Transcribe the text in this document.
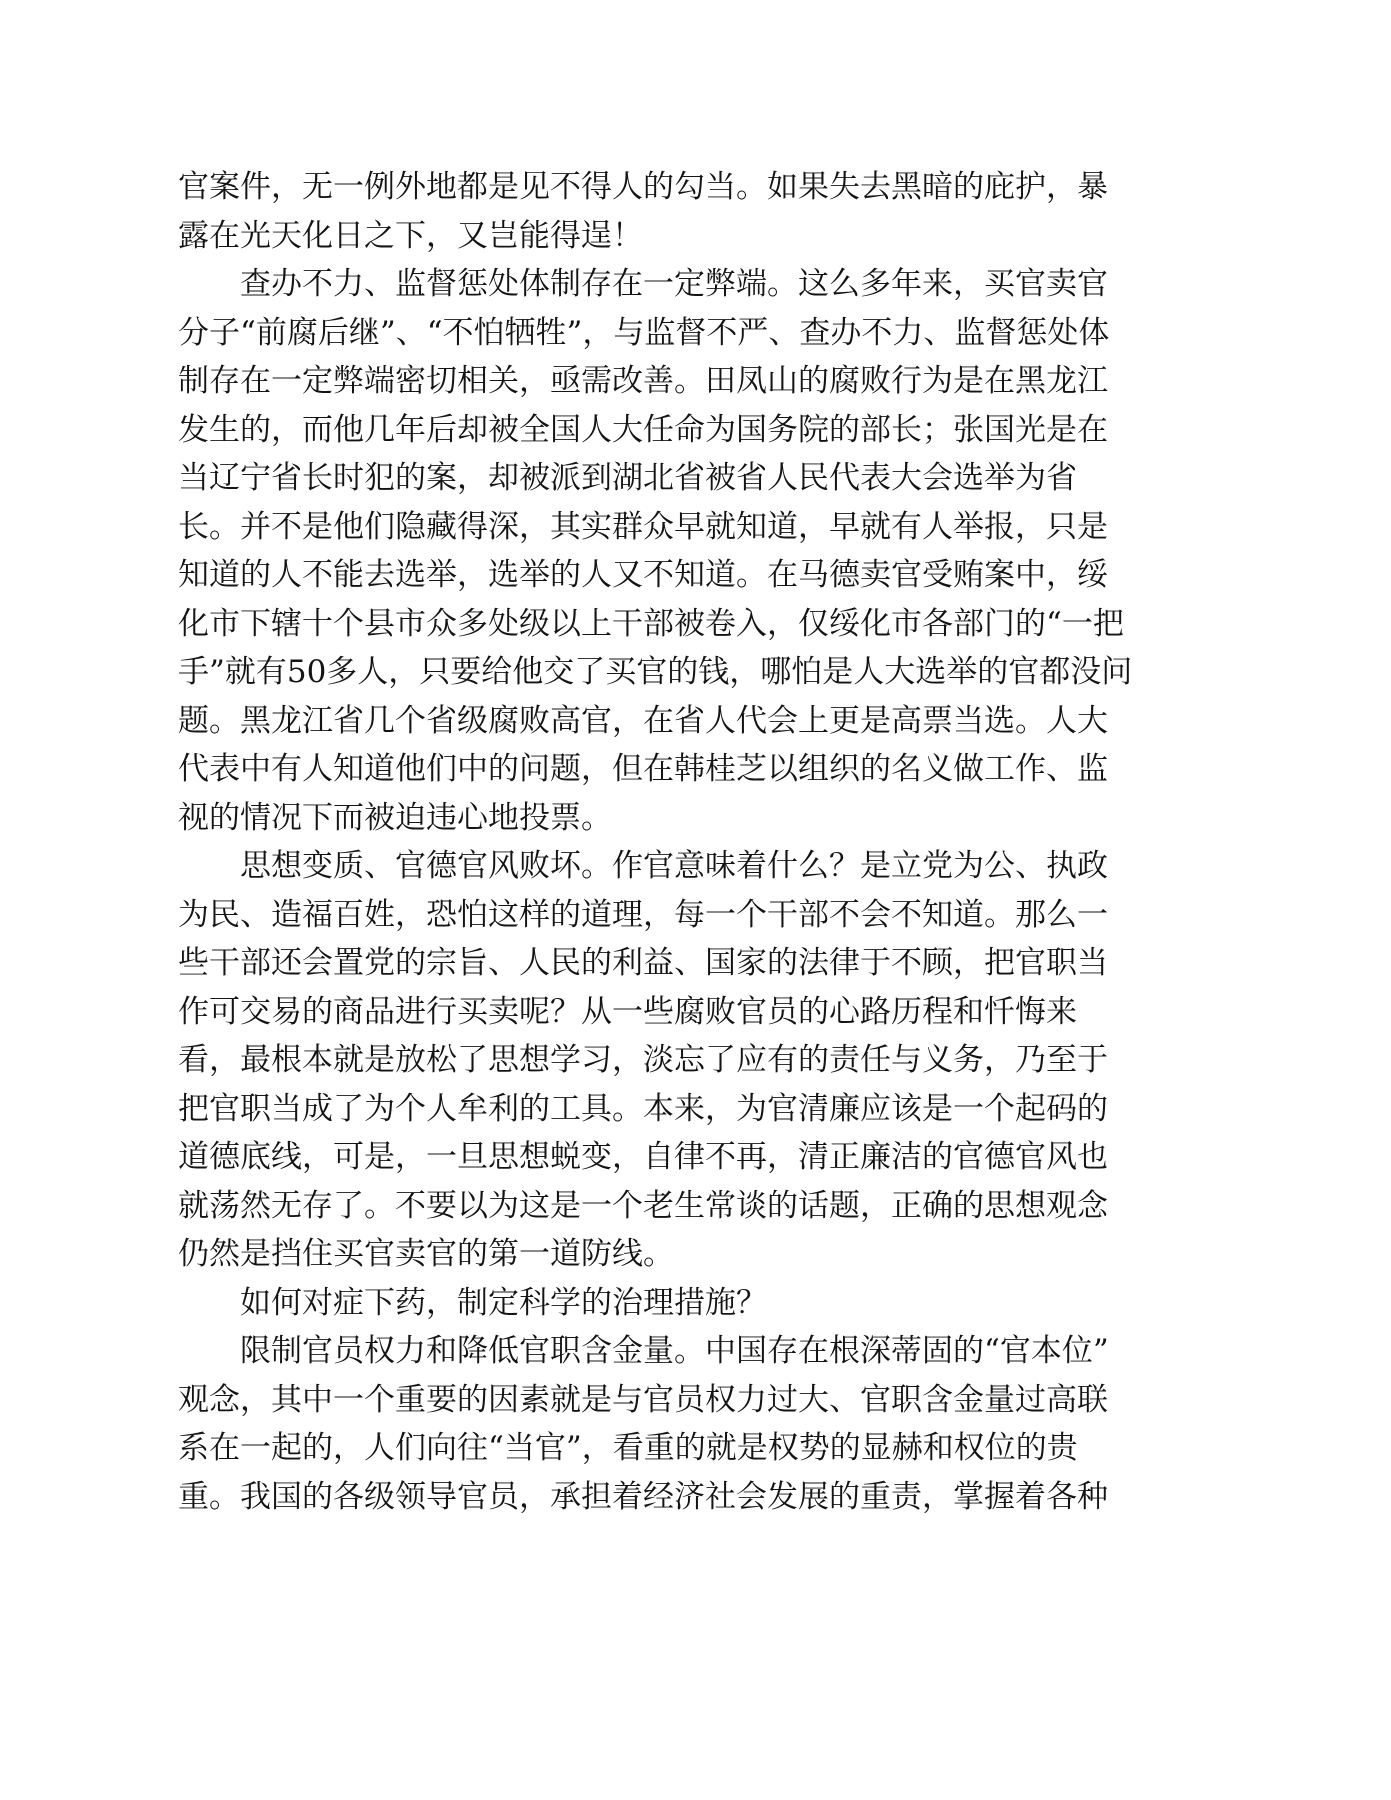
官案件，无一例外地都是见不得人的勾当。如果失去黑暗的庇护，暴
露在光天化日之下，又岂能得逞！
　　查办不力、监督惩处体制存在一定弊端。这么多年来，买官卖官
分子“前腐后继”、“不怕牺牲”，与监督不严、查办不力、监督惩处体
制存在一定弊端密切相关，亟需改善。田凤山的腐败行为是在黑龙江
发生的，而他几年后却被全国人大任命为国务院的部长；张国光是在
当辽宁省长时犯的案，却被派到湖北省被省人民代表大会选举为省
长。并不是他们隐藏得深，其实群众早就知道，早就有人举报，只是
知道的人不能去选举，选举的人又不知道。在马德卖官受贿案中，绥
化市下辖十个县市众多处级以上干部被卷入，仅绥化市各部门的“一把
手”就有50多人，只要给他交了买官的钱，哪怕是人大选举的官都没问
题。黑龙江省几个省级腐败高官，在省人代会上更是高票当选。人大
代表中有人知道他们中的问题，但在韩桂芝以组织的名义做工作、监
视的情况下而被迫违心地投票。
　　思想变质、官德官风败坏。作官意味着什么？是立党为公、执政
为民、造福百姓，恐怕这样的道理，每一个干部不会不知道。那么一
些干部还会置党的宗旨、人民的利益、国家的法律于不顾，把官职当
作可交易的商品进行买卖呢？从一些腐败官员的心路历程和忏悔来
看，最根本就是放松了思想学习，淡忘了应有的责任与义务，乃至于
把官职当成了为个人牟利的工具。本来，为官清廉应该是一个起码的
道德底线，可是，一旦思想蜕变，自律不再，清正廉洁的官德官风也
就荡然无存了。不要以为这是一个老生常谈的话题，正确的思想观念
仍然是挡住买官卖官的第一道防线。
　　如何对症下药，制定科学的治理措施？
　　限制官员权力和降低官职含金量。中国存在根深蒂固的“官本位”
观念，其中一个重要的因素就是与官员权力过大、官职含金量过高联
系在一起的，人们向往“当官”，看重的就是权势的显赫和权位的贵
重。我国的各级领导官员，承担着经济社会发展的重责，掌握着各种
